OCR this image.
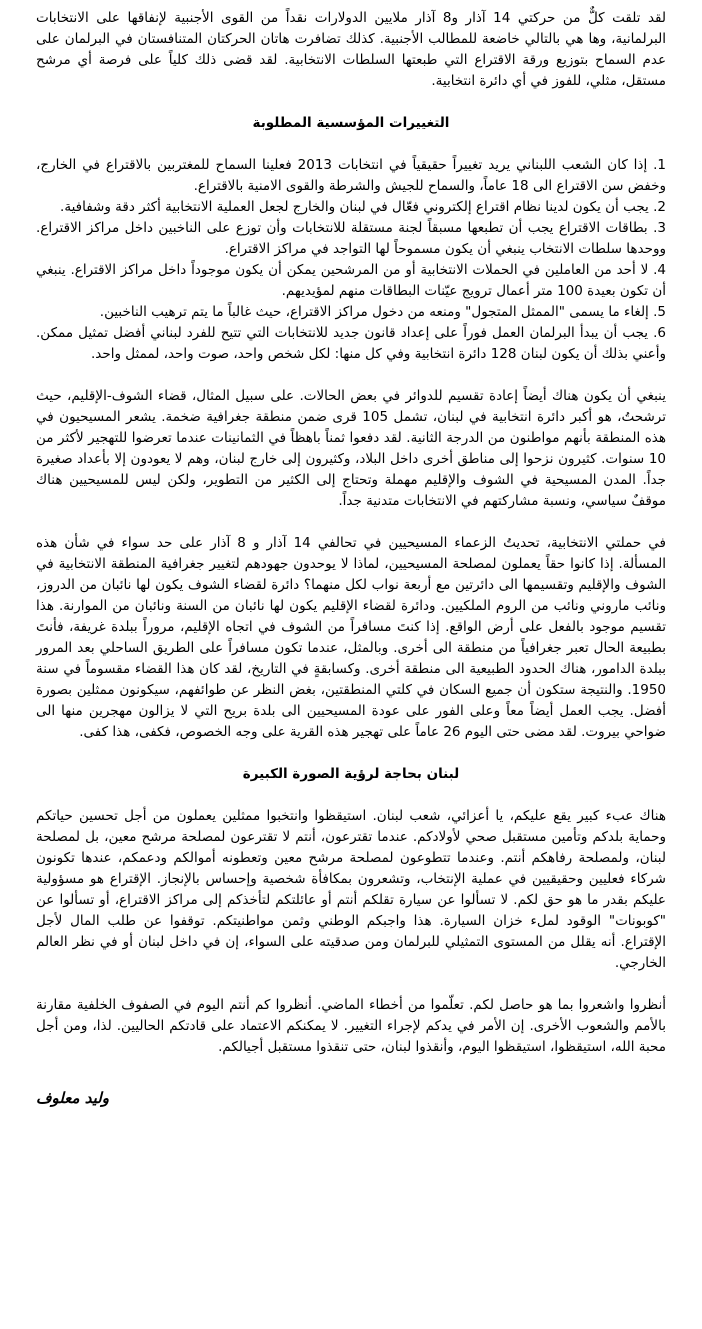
لقد تلقت كلٌّ من حركتي 14 آذار و8 آذار ملايين الدولارات نقداً من القوى الأجنبية لإنفاقها على الانتخابات البرلمانية، وها هي بالتالي خاضعة للمطالب الأجنبية. كذلك تضافرت هاتان الحركتان المتنافستان في البرلمان على عدم السماح بتوزيع ورقة الاقتراع التي طبعتها السلطات الانتخابية. لقد قضى ذلك كلياً على فرصة أي مرشح مستقل، مثلي، للفوز في أي دائرة انتخابية.

التغييرات المؤسسية المطلوبة

1. إذا كان الشعب اللبناني يريد تغييراً حقيقياً في انتخابات 2013 فعلينا السماح للمغتربين بالاقتراع في الخارج، وخفض سن الاقتراع الى 18 عاماً، والسماح للجيش والشرطة والقوى الامنية بالاقتراع.

2. يجب أن يكون لدينا نظام اقتراع إلكتروني فعّال في لبنان والخارج لجعل العملية الانتخابية أكثر دقة وشفافية.

3. بطاقات الاقتراع يجب أن تطبعها مسبقاً لجنة مستقلة للانتخابات وأن توزع على الناخبين داخل مراكز الاقتراع. ووحدها سلطات الانتخاب ينبغي أن يكون مسموحاً لها التواجد في مراكز الاقتراع.

4. لا أحد من العاملين في الحملات الانتخابية أو من المرشحين يمكن أن يكون موجوداً داخل مراكز الاقتراع. ينبغي أن تكون بعيدة 100 متر أعمال ترويج عيّنات البطاقات منهم لمؤيديهم.

5. إلغاء ما يسمى "الممثل المتجول" ومنعه من دخول مراكز الاقتراع، حيث غالباً ما يتم ترهيب الناخبين.

6. يجب أن يبدأ البرلمان العمل فوراً على إعداد قانون جديد للانتخابات التي تتيح للفرد لبناني أفضل تمثيل ممكن. وأعني بذلك أن يكون لبنان 128 دائرة انتخابية وفي كل منها: لكل شخص واحد، صوت واحد، لممثل واحد.

ينبغي أن يكون هناك أيضاً إعادة تقسيم للدوائر في بعض الحالات. على سبيل المثال، قضاء الشوف-الإقليم، حيث ترشحتُ، هو أكبر دائرة انتخابية في لبنان، تشمل 105 قرى ضمن منطقة جغرافية ضخمة. يشعر المسيحيون في هذه المنطقة بأنهم مواطنون من الدرجة الثانية. لقد دفعوا ثمناً باهظاً في الثمانينات عندما تعرضوا للتهجير لأكثر من 10 سنوات. كثيرون نزحوا إلى مناطق أخرى داخل البلاد، وكثيرون إلى خارج لبنان، وهم لا يعودون إلا بأعداد صغيرة جداً. المدن المسيحية في الشوف والإقليم مهملة وتحتاج إلى الكثير من التطوير، ولكن ليس للمسيحيين هناك موقفٌ سياسي، ونسبة مشاركتهم في الانتخابات متدنية جداً.

في حملتي الانتخابية، تحديتُ الزعماء المسيحيين في تحالفي 14 آذار و 8 آذار على حد سواء في شأن هذه المسألة. إذا كانوا حقاً يعملون لمصلحة المسيحيين، لماذا لا يوحدون جهودهم لتغيير جغرافية المنطقة الانتخابية في الشوف والإقليم وتقسيمها الى دائرتين مع أربعة نواب لكل منهما؟ دائرة لقضاء الشوف يكون لها نائبان من الدروز، ونائب ماروني ونائب من الروم الملكيين. ودائرة لقضاء الإقليم يكون لها نائبان من السنة ونائبان من الموارنة. هذا تقسيم موجود بالفعل على أرض الواقع. إذا كنتَ مسافراً من الشوف في اتجاه الإقليم، مروراً ببلدة غريفة، فأنتَ بطبيعة الحال تعبر جغرافياً من منطقة الى أخرى. وبالمثل، عندما تكون مسافراً على الطريق الساحلي بعد المرور ببلدة الدامور، هناك الحدود الطبيعية الى منطقة أخرى. وكسابقةٍ في التاريخ، لقد كان هذا القضاء مقسوماً في سنة 1950. والنتيجة ستكون أن جميع السكان في كلتي المنطقتين، بغض النظر عن طوائفهم، سيكونون ممثلين بصورة أفضل. يجب العمل أيضاً معاً وعلى الفور على عودة المسيحيين الى بلدة بريح التي لا يزالون مهجرين منها الى ضواحي بيروت. لقد مضى حتى اليوم 26 عاماً على تهجير هذه القرية على وجه الخصوص، فكفى، هذا كفى.

لبنان بحاجة لرؤية الصورة الكبيرة

هناك عبء كبير يقع عليكم، يا أعزائي، شعب لبنان. استيقظوا وانتخبوا ممثلين يعملون من أجل تحسين حياتكم وحماية بلدكم وتأمين مستقبل صحي لأولادكم. عندما تقترعون، أنتم لا تقترعون لمصلحة مرشح معين، بل لمصلحة لبنان، ولمصلحة رفاهكم أنتم. وعندما تتطوعون لمصلحة مرشح معين وتعطونه أموالكم ودعمكم، عندها تكونون شركاء فعليين وحقيقيين في عملية الإنتخاب، وتشعرون بمكافأة شخصية وإحساس بالإنجاز. الإقتراع هو مسؤولية عليكم بقدر ما هو حق لكم. لا تسألوا عن سيارة تقلكم أنتم أو عائلتكم لتأخذكم إلى مراكز الاقتراع، أو تسألوا عن "كوبونات" الوقود لملء خزان السيارة. هذا واجبكم الوطني وثمن مواطنيتكم. توقفوا عن طلب المال لأجل الإقتراع. أنه يقلل من المستوى التمثيلي للبرلمان ومن صدقيته على السواء، إن في داخل لبنان أو في نظر العالم الخارجي.

أنظروا واشعروا بما هو حاصل لكم. تعلّموا من أخطاء الماضي. أنظروا كم أنتم اليوم في الصفوف الخلفية مقارنة بالأمم والشعوب الأخرى. إن الأمر في يدكم لإجراء التغيير. لا يمكنكم الاعتماد على قادتكم الحاليين. لذا، ومن أجل محبة الله، استيقظوا، استيقظوا اليوم، وأنقذوا لبنان، حتى تنقذوا مستقبل أجيالكم.

وليد معلوف
